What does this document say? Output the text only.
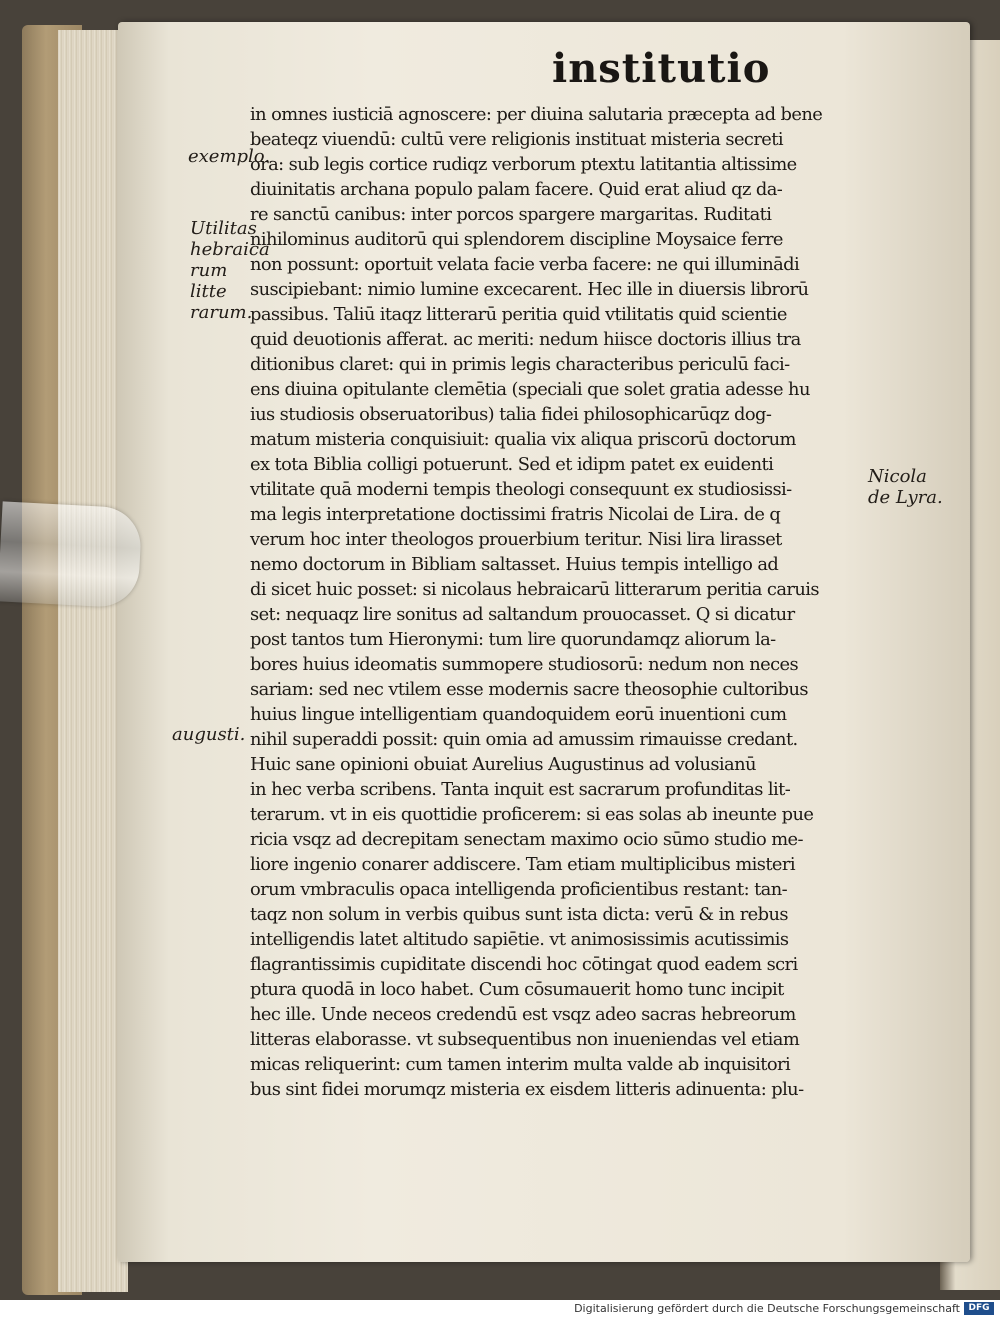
institutio
exemplo.
Utilitas hebraica rum litte rarum.
augusti.
Nicola de Lyra.
in omnes iusticiā agnoscere: per diuina salutaria præcepta ad bene
beateqz viuendū: cultū vere religionis instituat misteria secreti
ora: sub legis cortice rudiqz verborum ptextu latitantia altissime
diuinitatis archana populo palam facere. Quid erat aliud qz da-
re sanctū canibus: inter porcos spargere margaritas. Ruditati
nihilominus auditorū qui splendorem discipline Moysaice ferre
non possunt: oportuit velata facie verba facere: ne qui illuminādi
suscipiebant: nimio lumine excecarent. Hec ille in diuersis librorū
passibus. Taliū itaqz litterarū peritia quid vtilitatis quid scientie
quid deuotionis afferat. ac meriti: nedum hiisce doctoris illius tra
ditionibus claret: qui in primis legis characteribus periculū faci-
ens diuina opitulante clemētia (speciali que solet gratia adesse hu
ius studiosis obseruatoribus) talia fidei philosophicarūqz dog-
matum misteria conquisiuit: qualia vix aliqua priscorū doctorum
ex tota Biblia colligi potuerunt. Sed et idipm patet ex euidenti
vtilitate quā moderni tempis theologi consequunt ex studiosissi-
ma legis interpretatione doctissimi fratris Nicolai de Lira. de q
verum hoc inter theologos prouerbium teritur. Nisi lira lirasset
nemo doctorum in Bibliam saltasset. Huius tempis intelligo ad
di sicet huic posset: si nicolaus hebraicarū litterarum peritia caruis
set: nequaqz lire sonitus ad saltandum prouocasset. Q si dicatur
post tantos tum Hieronymi: tum lire quorundamqz aliorum la-
bores huius ideomatis summopere studiosorū: nedum non neces
sariam: sed nec vtilem esse modernis sacre theosophie cultoribus
huius lingue intelligentiam quandoquidem eorū inuentioni cum
nihil superaddi possit: quin omia ad amussim rimauisse credant.
Huic sane opinioni obuiat Aurelius Augustinus ad volusianū
in hec verba scribens. Tanta inquit est sacrarum profunditas lit-
terarum. vt in eis quottidie proficerem: si eas solas ab ineunte pue
ricia vsqz ad decrepitam senectam maximo ocio sūmo studio me-
liore ingenio conarer addiscere. Tam etiam multiplicibus misteri
orum vmbraculis opaca intelligenda proficientibus restant: tan-
taqz non solum in verbis quibus sunt ista dicta: verū & in rebus
intelligendis latet altitudo sapiētie. vt animosissimis acutissimis
flagrantissimis cupiditate discendi hoc cōtingat quod eadem scri
ptura quodā in loco habet. Cum cōsumauerit homo tunc incipit
hec ille. Unde neceos credendū est vsqz adeo sacras hebreorum
litteras elaborasse. vt subsequentibus non inueniendas vel etiam
micas reliquerint: cum tamen interim multa valde ab inquisitori
bus sint fidei morumqz misteria ex eisdem litteris adinuenta: plu-
Digitalisierung gefördert durch die Deutsche Forschungsgemeinschaft DFG
